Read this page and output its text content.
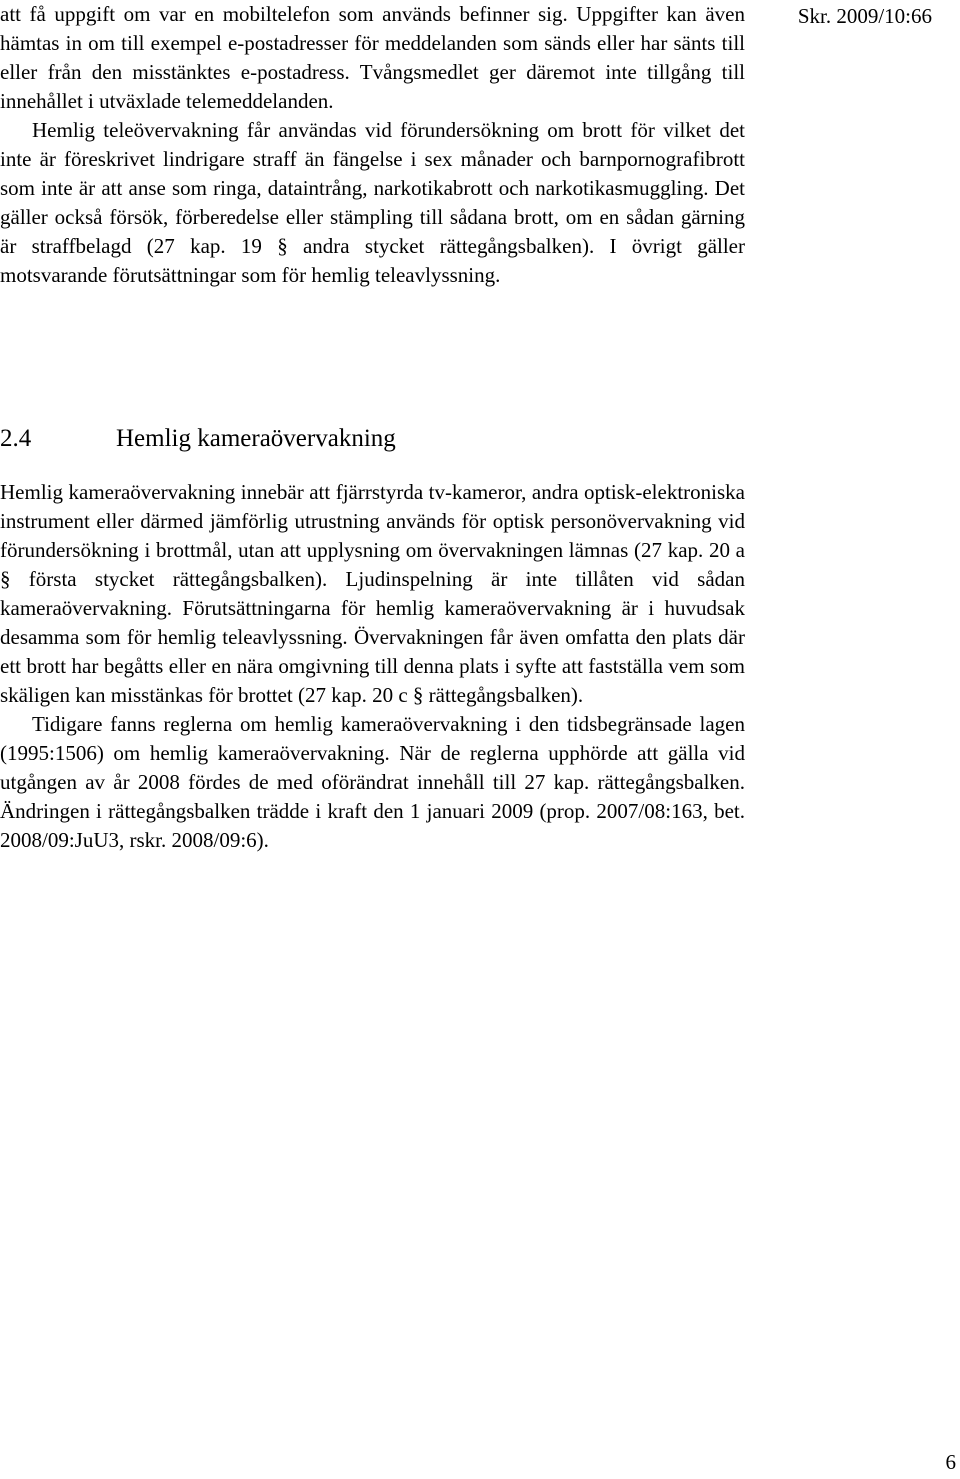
att få uppgift om var en mobiltelefon som används befinner sig. Uppgifter kan även hämtas in om till exempel e-postadresser för meddelanden som sänds eller har sänts till eller från den misstänktes e-postadress. Tvångsmedlet ger däremot inte tillgång till innehållet i utväxlade telemeddelanden.

Hemlig teleövervakning får användas vid förundersökning om brott för vilket det inte är föreskrivet lindrigare straff än fängelse i sex månader och barnpornografibrott som inte är att anse som ringa, dataintrång, narkotikabrott och narkotikasmuggling. Det gäller också försök, förberedelse eller stämpling till sådana brott, om en sådan gärning är straffbelagd (27 kap. 19 § andra stycket rättegångsbalken). I övrigt gäller motsvarande förutsättningar som för hemlig teleavlyssning.

Skr. 2009/10:66
2.4	Hemlig kameraövervakning

Hemlig kameraövervakning innebär att fjärrstyrda tv-kameror, andra optisk-elektroniska instrument eller därmed jämförlig utrustning används för optisk personövervakning vid förundersökning i brottmål, utan att upplysning om övervakningen lämnas (27 kap. 20 a § första stycket rättegångsbalken). Ljudinspelning är inte tillåten vid sådan kameraövervakning. Förutsättningarna för hemlig kameraövervakning är i huvudsak desamma som för hemlig teleavlyssning. Övervakningen får även omfatta den plats där ett brott har begåtts eller en nära omgivning till denna plats i syfte att fastställa vem som skäligen kan misstänkas för brottet (27 kap. 20 c § rättegångsbalken).

Tidigare fanns reglerna om hemlig kameraövervakning i den tidsbegränsade lagen (1995:1506) om hemlig kameraövervakning. När de reglerna upphörde att gälla vid utgången av år 2008 fördes de med oförändrat innehåll till 27 kap. rättegångsbalken. Ändringen i rättegångsbalken trädde i kraft den 1 januari 2009 (prop. 2007/08:163, bet. 2008/09:JuU3, rskr. 2008/09:6).

6
